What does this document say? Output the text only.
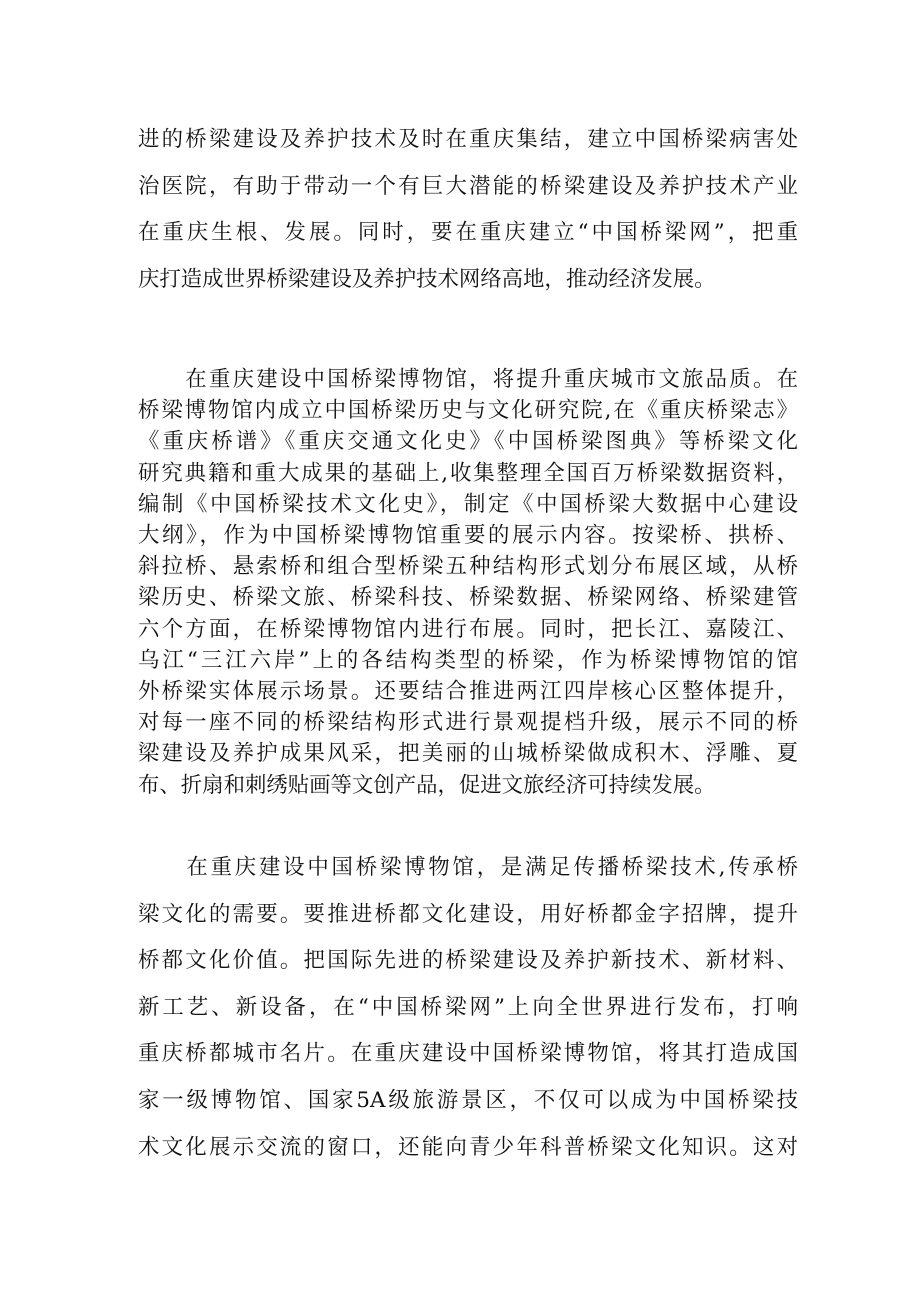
进的桥梁建设及养护技术及时在重庆集结，建立中国桥梁病害处
治医院，有助于带动一个有巨大潜能的桥梁建设及养护技术产业
在重庆生根、发展。同时，要在重庆建立“中国桥梁网”，把重
庆打造成世界桥梁建设及养护技术网络高地，推动经济发展。
　　在重庆建设中国桥梁博物馆，将提升重庆城市文旅品质。在
桥梁博物馆内成立中国桥梁历史与文化研究院,在《重庆桥梁志》
《重庆桥谱》《重庆交通文化史》《中国桥梁图典》等桥梁文化
研究典籍和重大成果的基础上,收集整理全国百万桥梁数据资料，
编制《中国桥梁技术文化史》，制定《中国桥梁大数据中心建设
大纲》，作为中国桥梁博物馆重要的展示内容。按梁桥、拱桥、
斜拉桥、悬索桥和组合型桥梁五种结构形式划分布展区域，从桥
梁历史、桥梁文旅、桥梁科技、桥梁数据、桥梁网络、桥梁建管
六个方面，在桥梁博物馆内进行布展。同时，把长江、嘉陵江、
乌江“三江六岸”上的各结构类型的桥梁，作为桥梁博物馆的馆
外桥梁实体展示场景。还要结合推进两江四岸核心区整体提升，
对每一座不同的桥梁结构形式进行景观提档升级，展示不同的桥
梁建设及养护成果风采，把美丽的山城桥梁做成积木、浮雕、夏
布、折扇和刺绣贴画等文创产品，促进文旅经济可持续发展。
　　在重庆建设中国桥梁博物馆，是满足传播桥梁技术,传承桥
梁文化的需要。要推进桥都文化建设，用好桥都金字招牌，提升
桥都文化价值。把国际先进的桥梁建设及养护新技术、新材料、
新工艺、新设备，在“中国桥梁网”上向全世界进行发布，打响
重庆桥都城市名片。在重庆建设中国桥梁博物馆，将其打造成国
家一级博物馆、国家5A级旅游景区，不仅可以成为中国桥梁技
术文化展示交流的窗口，还能向青少年科普桥梁文化知识。这对
